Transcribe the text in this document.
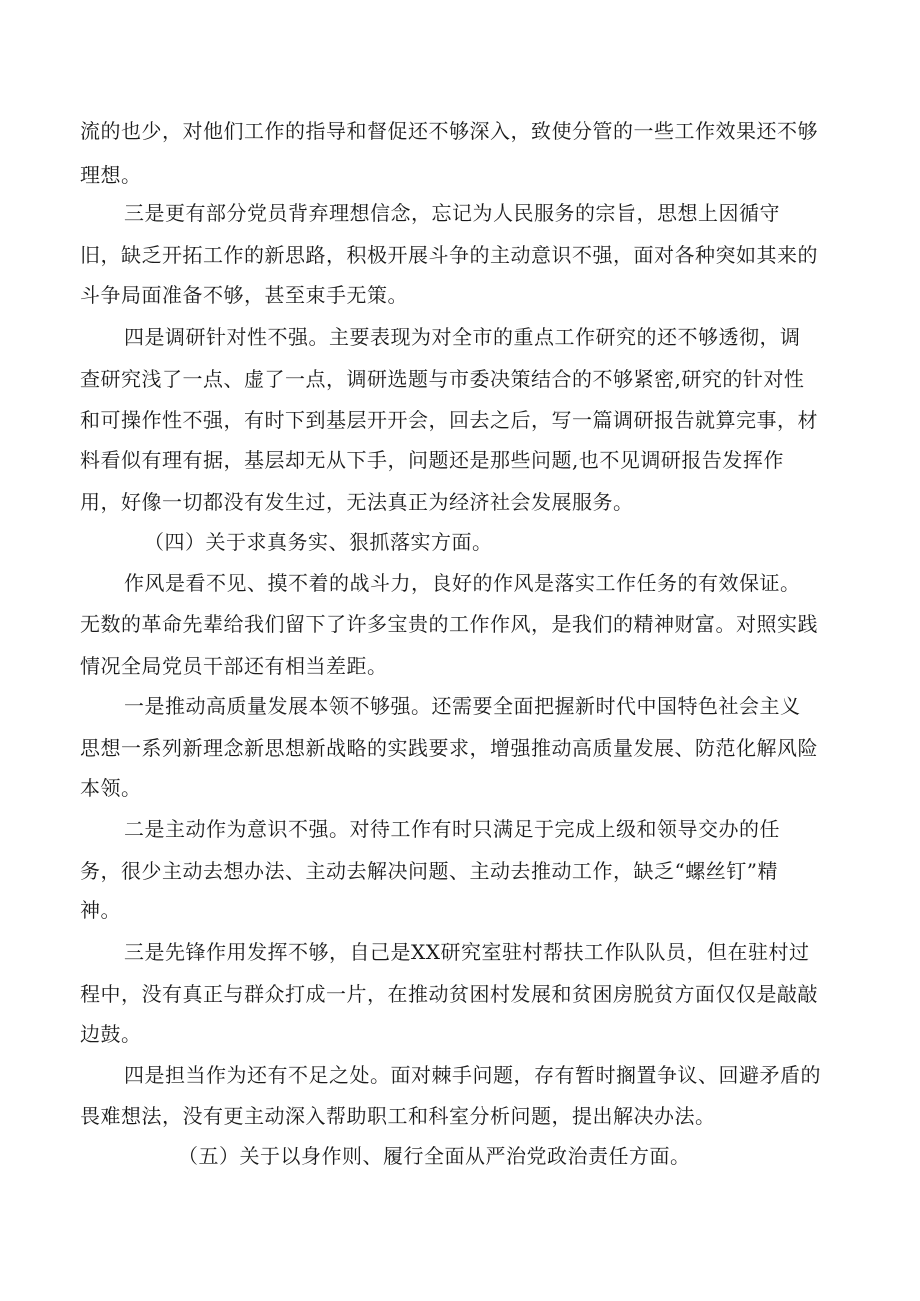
流的也少，对他们工作的指导和督促还不够深入，致使分管的一些工作效果还不够
理想。
三是更有部分党员背弃理想信念，忘记为人民服务的宗旨，思想上因循守
旧，缺乏开拓工作的新思路，积极开展斗争的主动意识不强，面对各种突如其来的
斗争局面准备不够，甚至束手无策。
四是调研针对性不强。主要表现为对全市的重点工作研究的还不够透彻，调
查研究浅了一点、虚了一点，调研选题与市委决策结合的不够紧密,研究的针对性
和可操作性不强，有时下到基层开开会，回去之后，写一篇调研报告就算完事，材
料看似有理有据，基层却无从下手，问题还是那些问题,也不见调研报告发挥作
用，好像一切都没有发生过，无法真正为经济社会发展服务。
（四）关于求真务实、狠抓落实方面。
作风是看不见、摸不着的战斗力，良好的作风是落实工作任务的有效保证。
无数的革命先辈给我们留下了许多宝贵的工作作风，是我们的精神财富。对照实践
情况全局党员干部还有相当差距。
一是推动高质量发展本领不够强。还需要全面把握新时代中国特色社会主义
思想一系列新理念新思想新战略的实践要求，增强推动高质量发展、防范化解风险
本领。
二是主动作为意识不强。对待工作有时只满足于完成上级和领导交办的任
务，很少主动去想办法、主动去解决问题、主动去推动工作，缺乏“螺丝钉”精
神。
三是先锋作用发挥不够，自己是XX研究室驻村帮扶工作队队员，但在驻村过
程中，没有真正与群众打成一片，在推动贫困村发展和贫困房脱贫方面仅仅是敲敲
边鼓。
四是担当作为还有不足之处。面对棘手问题，存有暂时搁置争议、回避矛盾的
畏难想法，没有更主动深入帮助职工和科室分析问题，提出解决办法。
（五）关于以身作则、履行全面从严治党政治责任方面。
